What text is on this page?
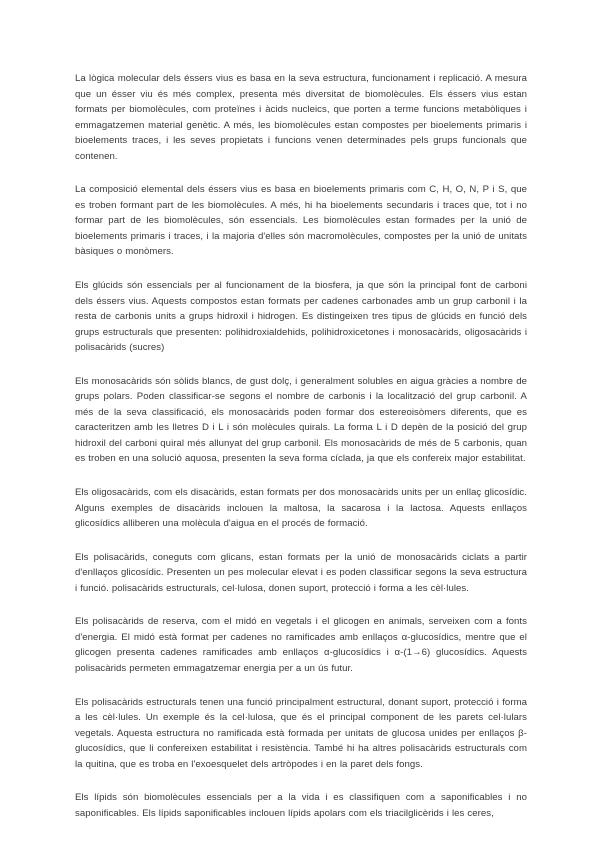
La lògica molecular dels éssers vius es basa en la seva estructura, funcionament i replicació. A mesura que un ésser viu és més complex, presenta més diversitat de biomolècules. Els éssers vius estan formats per biomolècules, com proteïnes i àcids nucleics, que porten a terme funcions metabòliques i emmagatzemen material genètic. A més, les biomolècules estan compostes per bioelements primaris i bioelements traces, i les seves propietats i funcions venen determinades pels grups funcionals que contenen.

La composició elemental dels éssers vius es basa en bioelements primaris com C, H, O, N, P i S, que es troben formant part de les biomolècules. A més, hi ha bioelements secundaris i traces que, tot i no formar part de les biomolècules, són essencials. Les biomolècules estan formades per la unió de bioelements primaris i traces, i la majoria d'elles són macromolècules, compostes per la unió de unitats bàsiques o monòmers.

Els glúcids són essencials per al funcionament de la biosfera, ja que són la principal font de carboni dels éssers vius. Aquests compostos estan formats per cadenes carbonades amb un grup carbonil i la resta de carbonis units a grups hidroxil i hidrogen. Es distingeixen tres tipus de glúcids en funció dels grups estructurals que presenten: polihidroxialdehids, polihidroxicetones i monosacàrids, oligosacàrids i polisacàrids (sucres)

Els monosacàrids són sòlids blancs, de gust dolç, i generalment solubles en aigua gràcies a nombre de grups polars. Poden classificar-se segons el nombre de carbonis i la localització del grup carbonil. A més de la seva classificació, els monosacàrids poden formar dos estereoisòmers diferents, que es caracteritzen amb les lletres D i L i són molècules quirals. La forma L i D depèn de la posició del grup hidroxil del carboni quiral més allunyat del grup carbonil. Els monosacàrids de més de 5 carbonis, quan es troben en una solució aquosa, presenten la seva forma cíclada, ja que els confereix major estabilitat.

Els oligosacàrids, com els disacàrids, estan formats per dos monosacàrids units per un enllaç glicosídic. Alguns exemples de disacàrids inclouen la maltosa, la sacarosa i la lactosa. Aquests enllaços glicosídics alliberen una molècula d'aigua en el procés de formació.

Els polisacàrids, coneguts com glicans, estan formats per la unió de monosacàrids ciclats a partir d'enllaços glicosídic. Presenten un pes molecular elevat i es poden classificar segons la seva estructura i funció. polisacàrids estructurals, cel·lulosa, donen suport, protecció i forma a les cèl·lules.

Els polisacàrids de reserva, com el midó en vegetals i el glicogen en animals, serveixen com a fonts d'energia. El midó està format per cadenes no ramificades amb enllaços α-glucosídics, mentre que el glicogen presenta cadenes ramificades amb enllaços α-glucosídics i α-(1→6) glucosídics. Aquests polisacàrids permeten emmagatzemar energia per a un ús futur.

Els polisacàrids estructurals tenen una funció principalment estructural, donant suport, protecció i forma a les cèl·lules. Un exemple és la cel·lulosa, que és el principal component de les parets cel·lulars vegetals. Aquesta estructura no ramificada està formada per unitats de glucosa unides per enllaços β-glucosídics, que li confereixen estabilitat i resistència. També hi ha altres polisacàrids estructurals com la quitina, que es troba en l'exoesquelet dels artròpodes i en la paret dels fongs.

Els lípids són biomolècules essencials per a la vida i es classifiquen com a saponificables i no saponificables. Els lípids saponificables inclouen lípids apolars com els triacilglicèrids i les ceres,
